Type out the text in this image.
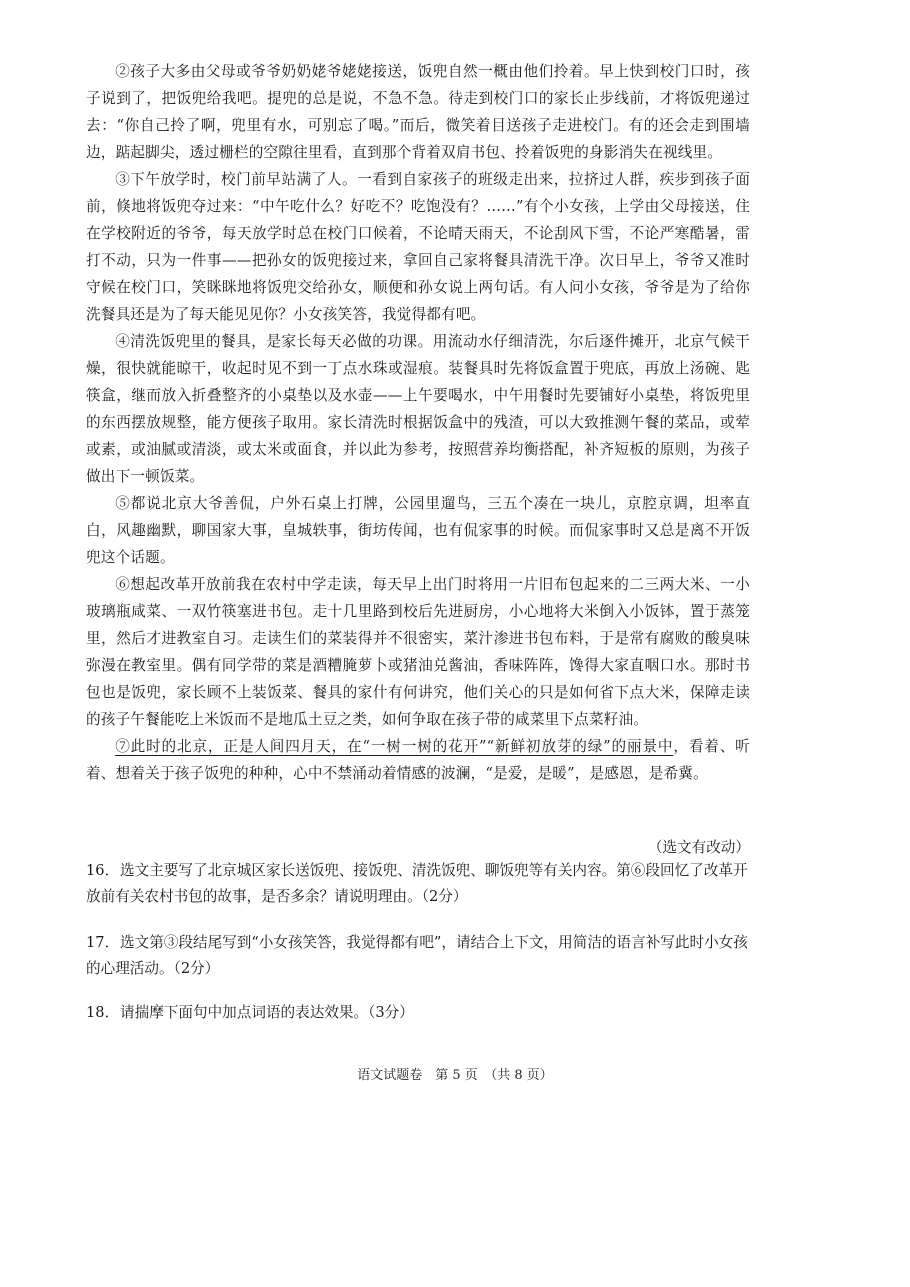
②孩子大多由父母或爷爷奶奶姥爷姥姥接送，饭兜自然一概由他们拎着。早上快到校门口时，孩子说到了，把饭兜给我吧。提兜的总是说，不急不急。待走到校门口的家长止步线前，才将饭兜递过去：“你自己拎了啊，兜里有水，可别忘了喝。”而后，微笑着目送孩子走进校门。有的还会走到围墙边，踮起脚尖，透过栅栏的空隙往里看，直到那个背着双肩书包、拎着饭兜的身影消失在视线里。

③下午放学时，校门前早站满了人。一看到自家孩子的班级走出来，拉挤过人群，疾步到孩子面前，倏地将饭兜夺过来：“中午吃什么？好吃不？吃饱没有？……”有个小女孩，上学由父母接送，住在学校附近的爷爷，每天放学时总在校门口候着，不论晴天雨天，不论刮风下雪，不论严寒酷暑，雷打不动，只为一件事——把孙女的饭兜接过来，拿回自己家将餐具清洗干净。次日早上，爷爷又准时守候在校门口，笑眯眯地将饭兜交给孙女，顺便和孙女说上两句话。有人问小女孩，爷爷是为了给你洗餐具还是为了每天能见见你？小女孩笑答，我觉得都有吧。

④清洗饭兜里的餐具，是家长每天必做的功课。用流动水仔细清洗，尔后逐件摊开，北京气候干燥，很快就能晾干，收起时见不到一丁点水珠或湿痕。装餐具时先将饭盒置于兜底，再放上汤碗、匙筷盒，继而放入折叠整齐的小桌垫以及水壶——上午要喝水，中午用餐时先要铺好小桌垫，将饭兜里的东西摆放规整，能方便孩子取用。家长清洗时根据饭盒中的残渣，可以大致推测午餐的菜品，或荤或素，或油腻或清淡，或太米或面食，并以此为参考，按照营养均衡搭配，补齐短板的原则，为孩子做出下一顿饭菜。

⑤都说北京大爷善侃，户外石桌上打牌，公园里遛鸟，三五个凑在一块儿，京腔京调，坦率直白，风趣幽默，聊国家大事，皇城轶事，街坊传闻，也有侃家事的时候。而侃家事时又总是离不开饭兜这个话题。

⑥想起改革开放前我在农村中学走读，每天早上出门时将用一片旧布包起来的二三两大米、一小玻璃瓶咸菜、一双竹筷塞进书包。走十几里路到校后先进厨房，小心地将大米倒入小饭钵，置于蒸笼里，然后才进教室自习。走读生们的菜装得并不很密实，菜汁渗进书包布料，于是常有腐败的酸臭味弥漫在教室里。偶有同学带的菜是酒糟腌萝卜或猪油兑酱油，香味阵阵，馋得大家直咽口水。那时书包也是饭兜，家长顾不上装饭菜、餐具的家什有何讲究，他们关心的只是如何省下点大米，保障走读的孩子午餐能吃上米饭而不是地瓜土豆之类，如何争取在孩子带的咸菜里下点菜籽油。

⑦此时的北京，正是人间四月天，在“一树一树的花开”“新鲜初放芽的绿”的丽景中，看着、听着、想着关于孩子饭兜的种种，心中不禁涌动着情感的波澜，“是爱，是暖”，是感恩，是希冀。

（选文有改动）
16．选文主要写了北京城区家长送饭兜、接饭兜、清洗饭兜、聊饭兜等有关内容。第⑥段回忆了改革开放前有关农村书包的故事，是否多余？请说明理由。（2分）
17．选文第③段结尾写到“小女孩笑答，我觉得都有吧”，请结合上下文，用简洁的语言补写此时小女孩的心理活动。（2分）
18．请揣摩下面句中加点词语的表达效果。（3分）
语文试题卷　第 5 页　（共 8 页）
